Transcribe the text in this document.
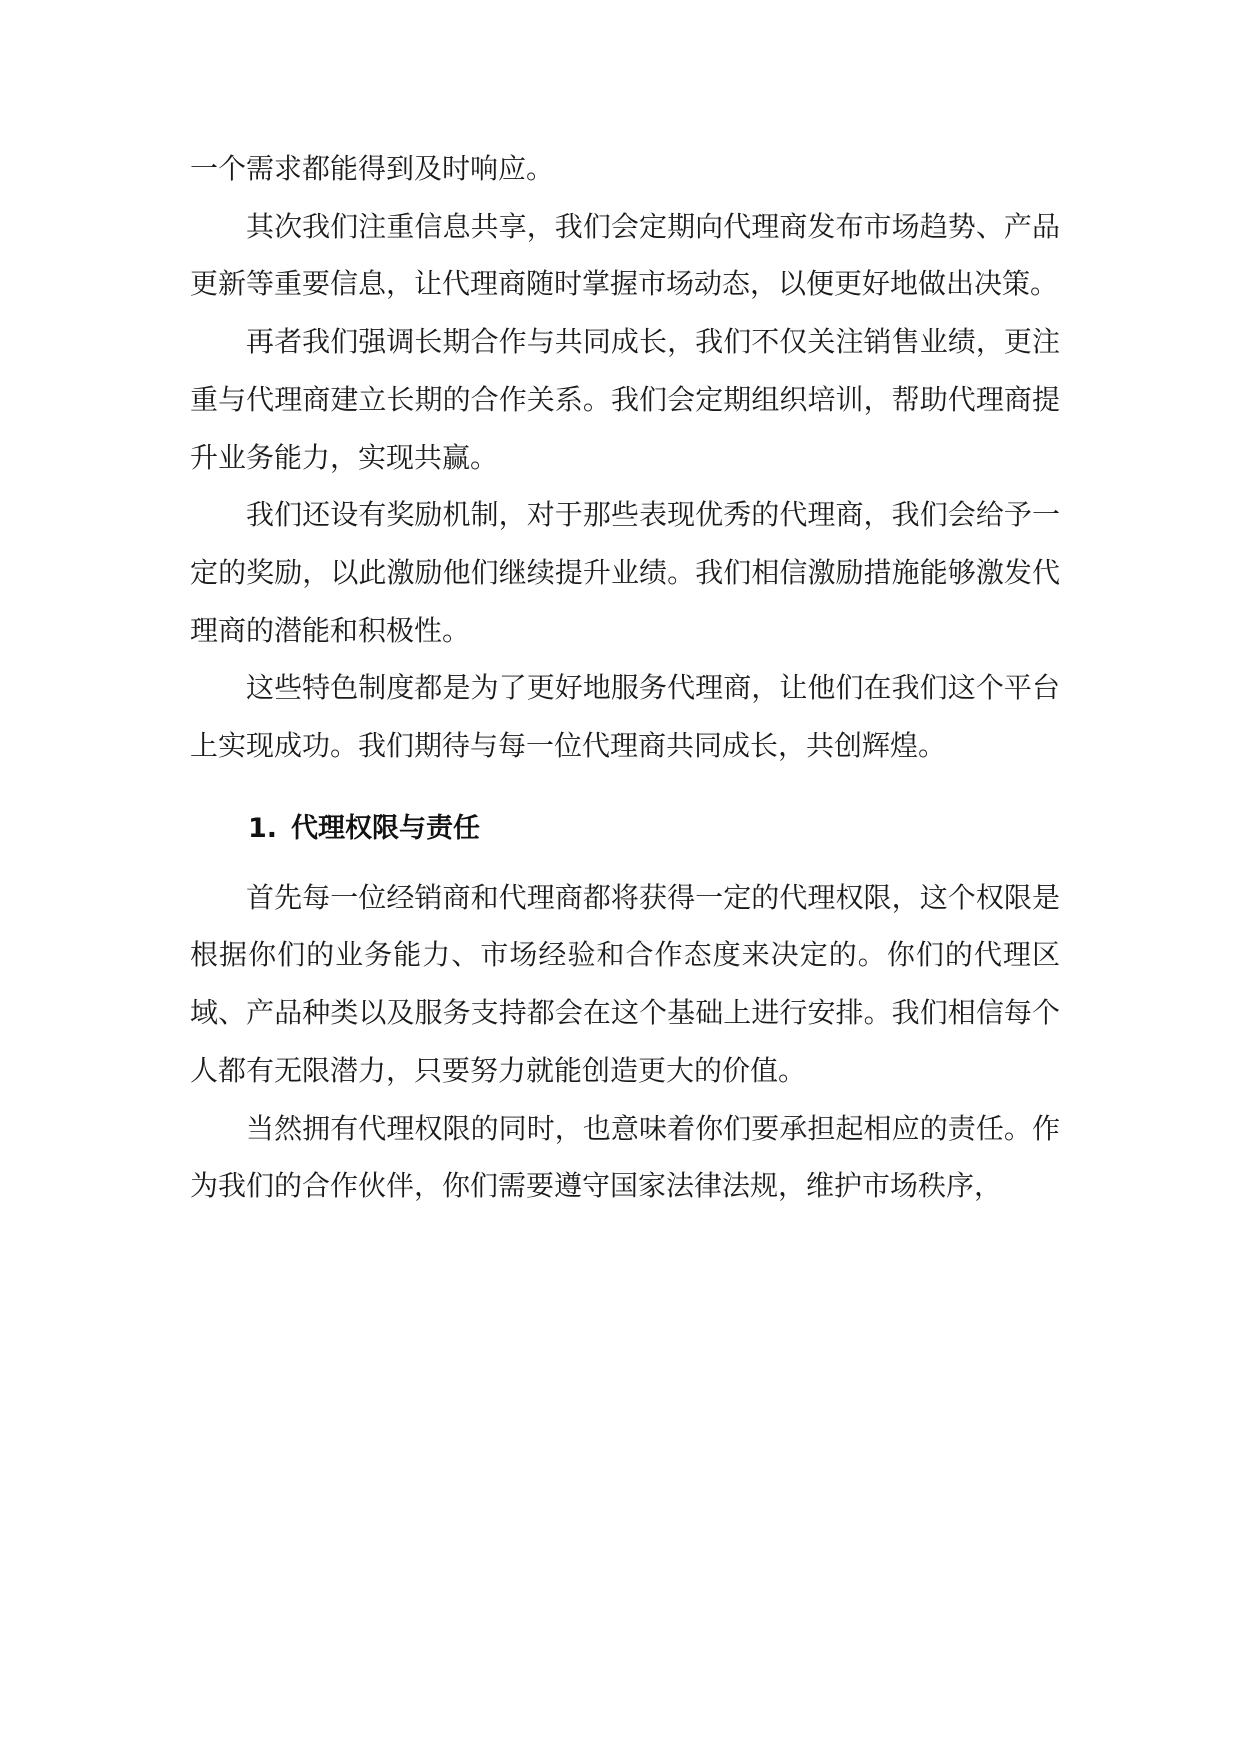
一个需求都能得到及时响应。

其次我们注重信息共享，我们会定期向代理商发布市场趋势、产品更新等重要信息，让代理商随时掌握市场动态，以便更好地做出决策。

再者我们强调长期合作与共同成长，我们不仅关注销售业绩，更注重与代理商建立长期的合作关系。我们会定期组织培训，帮助代理商提升业务能力，实现共赢。

我们还设有奖励机制，对于那些表现优秀的代理商，我们会给予一定的奖励，以此激励他们继续提升业绩。我们相信激励措施能够激发代理商的潜能和积极性。

这些特色制度都是为了更好地服务代理商，让他们在我们这个平台上实现成功。我们期待与每一位代理商共同成长，共创辉煌。

1. 代理权限与责任

首先每一位经销商和代理商都将获得一定的代理权限，这个权限是根据你们的业务能力、市场经验和合作态度来决定的。你们的代理区域、产品种类以及服务支持都会在这个基础上进行安排。我们相信每个人都有无限潜力，只要努力就能创造更大的价值。

当然拥有代理权限的同时，也意味着你们要承担起相应的责任。作为我们的合作伙伴，你们需要遵守国家法律法规，维护市场秩序，
